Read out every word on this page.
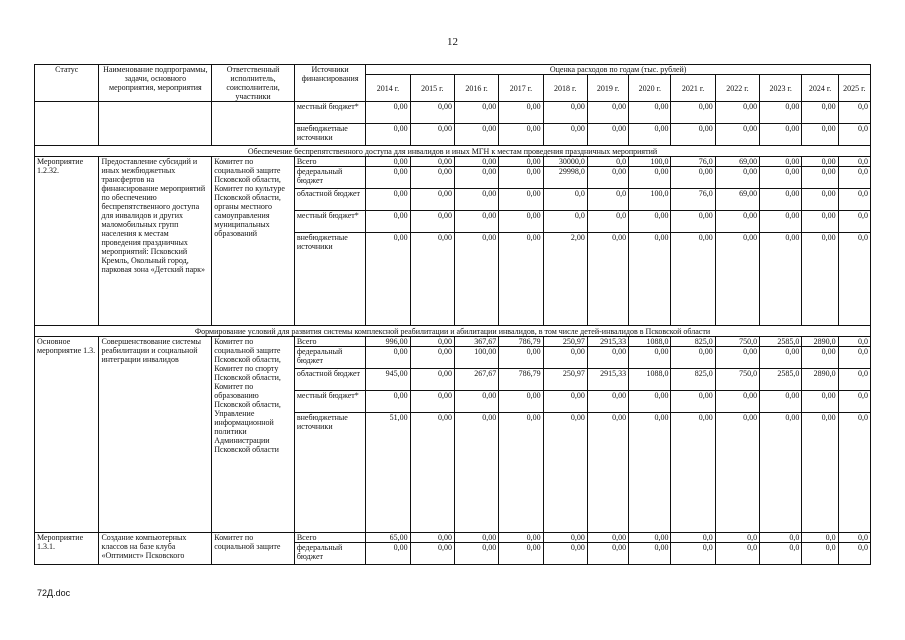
12
Статус	Наименование подпрограммы, задачи, основного мероприятия, мероприятия	Ответственный исполнитель, соисполнители, участники	Источники финансирования	Оценка расходов по годам (тыс. рублей)											
				2014 г.	2015 г.	2016 г.	2017 г.	2018 г.	2019 г.	2020 г.	2021 г.	2022 г.	2023 г.	2024 г.	2025 г.
			местный бюджет*	0,00	0,00	0,00	0,00	0,00	0,00	0,00	0,00	0,00	0,00	0,00	0,0
			внебюджетные источники	0,00	0,00	0,00	0,00	0,00	0,00	0,00	0,00	0,00	0,00	0,00	0,0
Обеспечение беспрепятственного доступа для инвалидов и иных МГН к местам проведения праздничных мероприятий															
Мероприятие 1.2.32.	Предоставление субсидий и иных межбюджетных трансфертов на финансирование мероприятий по обеспечению беспрепятственного доступа для инвалидов и других маломобильных групп населения к местам проведения праздничных мероприятий: Псковский Кремль, Окольный город, парковая зона «Детский парк»	Комитет по социальной защите Псковской области, Комитет по культуре Псковской области, органы местного самоуправления муниципальных образований	Всего	0,00	0,00	0,00	0,00	30000,0	0,0	100,0	76,0	69,00	0,00	0,00	0,0
			федеральный бюджет	0,00	0,00	0,00	0,00	29998,0	0,00	0,00	0,00	0,00	0,00	0,00	0,0
			областной бюджет	0,00	0,00	0,00	0,00	0,0	0,0	100,0	76,0	69,00	0,00	0,00	0,0
			местный бюджет*	0,00	0,00	0,00	0,00	0,0	0,0	0,00	0,00	0,00	0,00	0,00	0,0
			внебюджетные источники	0,00	0,00	0,00	0,00	2,00	0,00	0,00	0,00	0,00	0,00	0,00	0,0
Формирование условий для развития системы комплексной реабилитации и абилитации инвалидов, в том числе детей-инвалидов в Псковской области															
Основное мероприятие 1.3.	Совершенствование системы реабилитации и социальной интеграции инвалидов	Комитет по социальной защите Псковской области, Комитет по спорту Псковской области, Комитет по образованию Псковской области, Управление информационной политики Администрации Псковской области	Всего	996,00	0,00	367,67	786,79	250,97	2915,33	1088,0	825,0	750,0	2585,0	2890,0	0,0
			федеральный бюджет	0,00	0,00	100,00	0,00	0,00	0,00	0,00	0,00	0,00	0,00	0,00	0,0
			областной бюджет	945,00	0,00	267,67	786,79	250,97	2915,33	1088,0	825,0	750,0	2585,0	2890,0	0,0
			местный бюджет*	0,00	0,00	0,00	0,00	0,00	0,00	0,00	0,00	0,00	0,00	0,00	0,0
			внебюджетные источники	51,00	0,00	0,00	0,00	0,00	0,00	0,00	0,00	0,00	0,00	0,00	0,0
Мероприятие 1.3.1.	Создание компьютерных классов на базе клуба «Оптимист» Псковского	Комитет по социальной защите	Всего	65,00	0,00	0,00	0,00	0,00	0,00	0,00	0,0	0,0	0,0	0,0	0,0
			федеральный бюджет	0,00	0,00	0,00	0,00	0,00	0,00	0,00	0,0	0,0	0,0	0,0	0,0
72Д.doc
